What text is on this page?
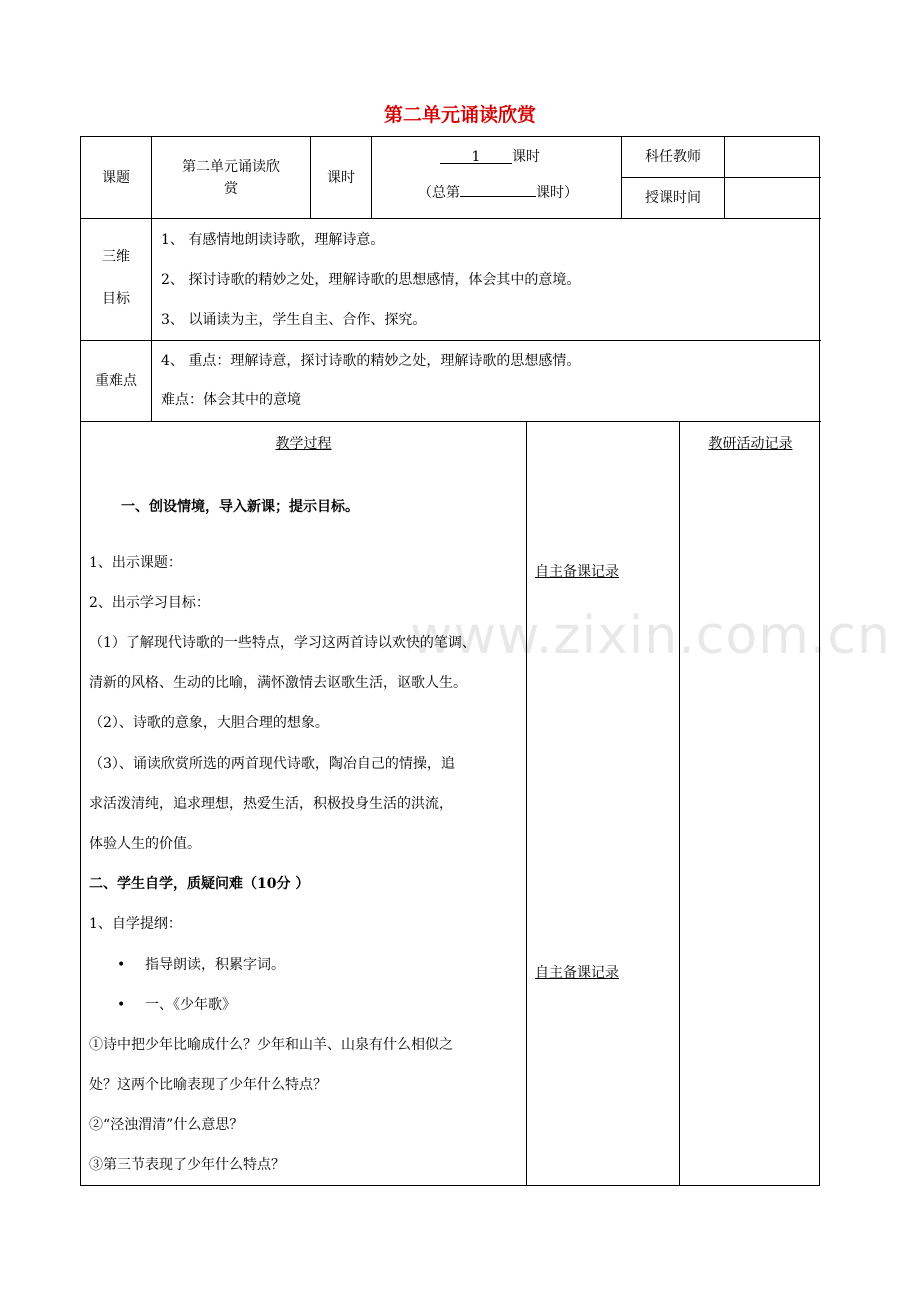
第二单元诵读欣赏
课题
第二单元诵读欣
赏
课时
1 课时
（总第	课时）
科任教师
授课时间
三维
目标
1、 有感情地朗读诗歌，理解诗意。
2、 探讨诗歌的精妙之处，理解诗歌的思想感情，体会其中的意境。
3、 以诵读为主，学生自主、合作、探究。
重难点
4、 重点：理解诗意，探讨诗歌的精妙之处，理解诗歌的思想感情。
难点：体会其中的意境
教学过程
一、创设情境，导入新课；提示目标。
1、出示课题：
2、出示学习目标：
（1）了解现代诗歌的一些特点，学习这两首诗以欢快的笔调、
清新的风格、生动的比喻，满怀激情去讴歌生活，讴歌人生。
（2）、诗歌的意象，大胆合理的想象。
（3）、诵读欣赏所选的两首现代诗歌，陶冶自己的情操，追
求活泼清纯，追求理想，热爱生活，积极投身生活的洪流，
体验人生的价值。
二、学生自学，质疑问难（10分 ）
1、自学提纲：
• 指导朗读，积累字词。
• 一、《少年歌》
①诗中把少年比喻成什么？少年和山羊、山泉有什么相似之
处？这两个比喻表现了少年什么特点？
②“泾浊渭清”什么意思？
③第三节表现了少年什么特点？
自主备课记录
自主备课记录
教研活动记录
www.zixin.com.cn
